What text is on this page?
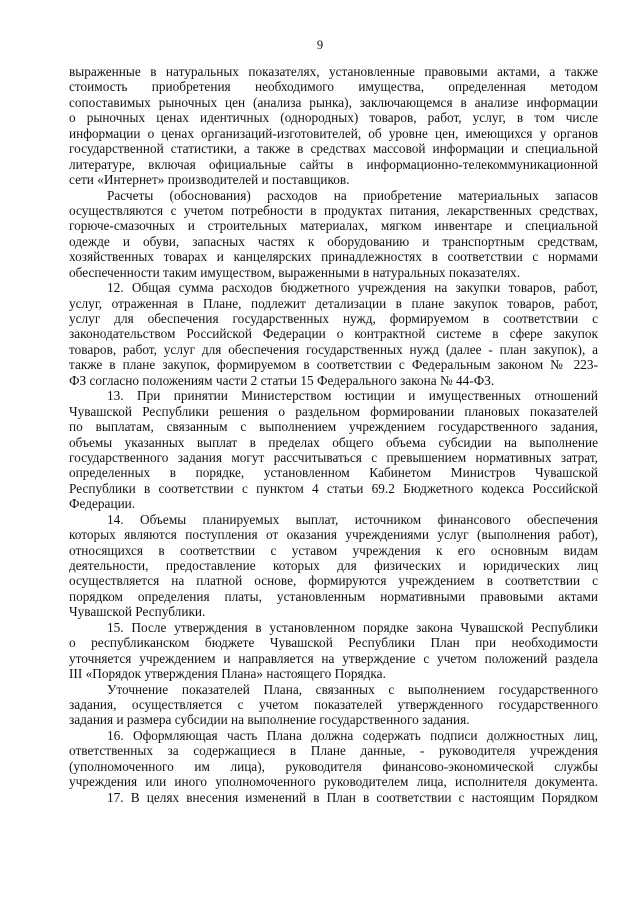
9
выраженные в натуральных показателях, установленные правовыми актами, а также
стоимость приобретения необходимого имущества, определенная методом
сопоставимых рыночных цен (анализа рынка), заключающемся в анализе информации
о рыночных ценах идентичных (однородных) товаров, работ, услуг, в том числе
информации о ценах организаций-изготовителей, об уровне цен, имеющихся у органов
государственной статистики, а также в средствах массовой информации и специальной
литературе, включая официальные сайты в информационно-телекоммуникационной
сети «Интернет» производителей и поставщиков.
Расчеты (обоснования) расходов на приобретение материальных запасов
осуществляются с учетом потребности в продуктах питания, лекарственных средствах,
горюче-смазочных и строительных материалах, мягком инвентаре и специальной
одежде и обуви, запасных частях к оборудованию и транспортным средствам,
хозяйственных товарах и канцелярских принадлежностях в соответствии с нормами
обеспеченности таким имуществом, выраженными в натуральных показателях.
12. Общая сумма расходов бюджетного учреждения на закупки товаров, работ,
услуг, отраженная в Плане, подлежит детализации в плане закупок товаров, работ,
услуг для обеспечения государственных нужд, формируемом в соответствии с
законодательством Российской Федерации о контрактной системе в сфере закупок
товаров, работ, услуг для обеспечения государственных нужд (далее - план закупок), а
также в плане закупок, формируемом в соответствии с Федеральным законом № 223-
ФЗ согласно положениям части 2 статьи 15 Федерального закона № 44-ФЗ.
13. При принятии Министерством юстиции и имущественных отношений
Чувашской Республики решения о раздельном формировании плановых показателей
по выплатам, связанным с выполнением учреждением государственного задания,
объемы указанных выплат в пределах общего объема субсидии на выполнение
государственного задания могут рассчитываться с превышением нормативных затрат,
определенных в порядке, установленном Кабинетом Министров Чувашской
Республики в соответствии с пунктом 4 статьи 69.2 Бюджетного кодекса Российской
Федерации.
14. Объемы планируемых выплат, источником финансового обеспечения
которых являются поступления от оказания учреждениями услуг (выполнения работ),
относящихся в соответствии с уставом учреждения к его основным видам
деятельности, предоставление которых для физических и юридических лиц
осуществляется на платной основе, формируются учреждением в соответствии с
порядком определения платы, установленным нормативными правовыми актами
Чувашской Республики.
15. После утверждения в установленном порядке закона Чувашской Республики
о республиканском бюджете Чувашской Республики План при необходимости
уточняется учреждением и направляется на утверждение с учетом положений раздела
III «Порядок утверждения Плана» настоящего Порядка.
Уточнение показателей Плана, связанных с выполнением государственного
задания, осуществляется с учетом показателей утвержденного государственного
задания и размера субсидии на выполнение государственного задания.
16. Оформляющая часть Плана должна содержать подписи должностных лиц,
ответственных за содержащиеся в Плане данные, - руководителя учреждения
(уполномоченного им лица), руководителя финансово-экономической службы
учреждения или иного уполномоченного руководителем лица, исполнителя документа.
17. В целях внесения изменений в План в соответствии с настоящим Порядком
